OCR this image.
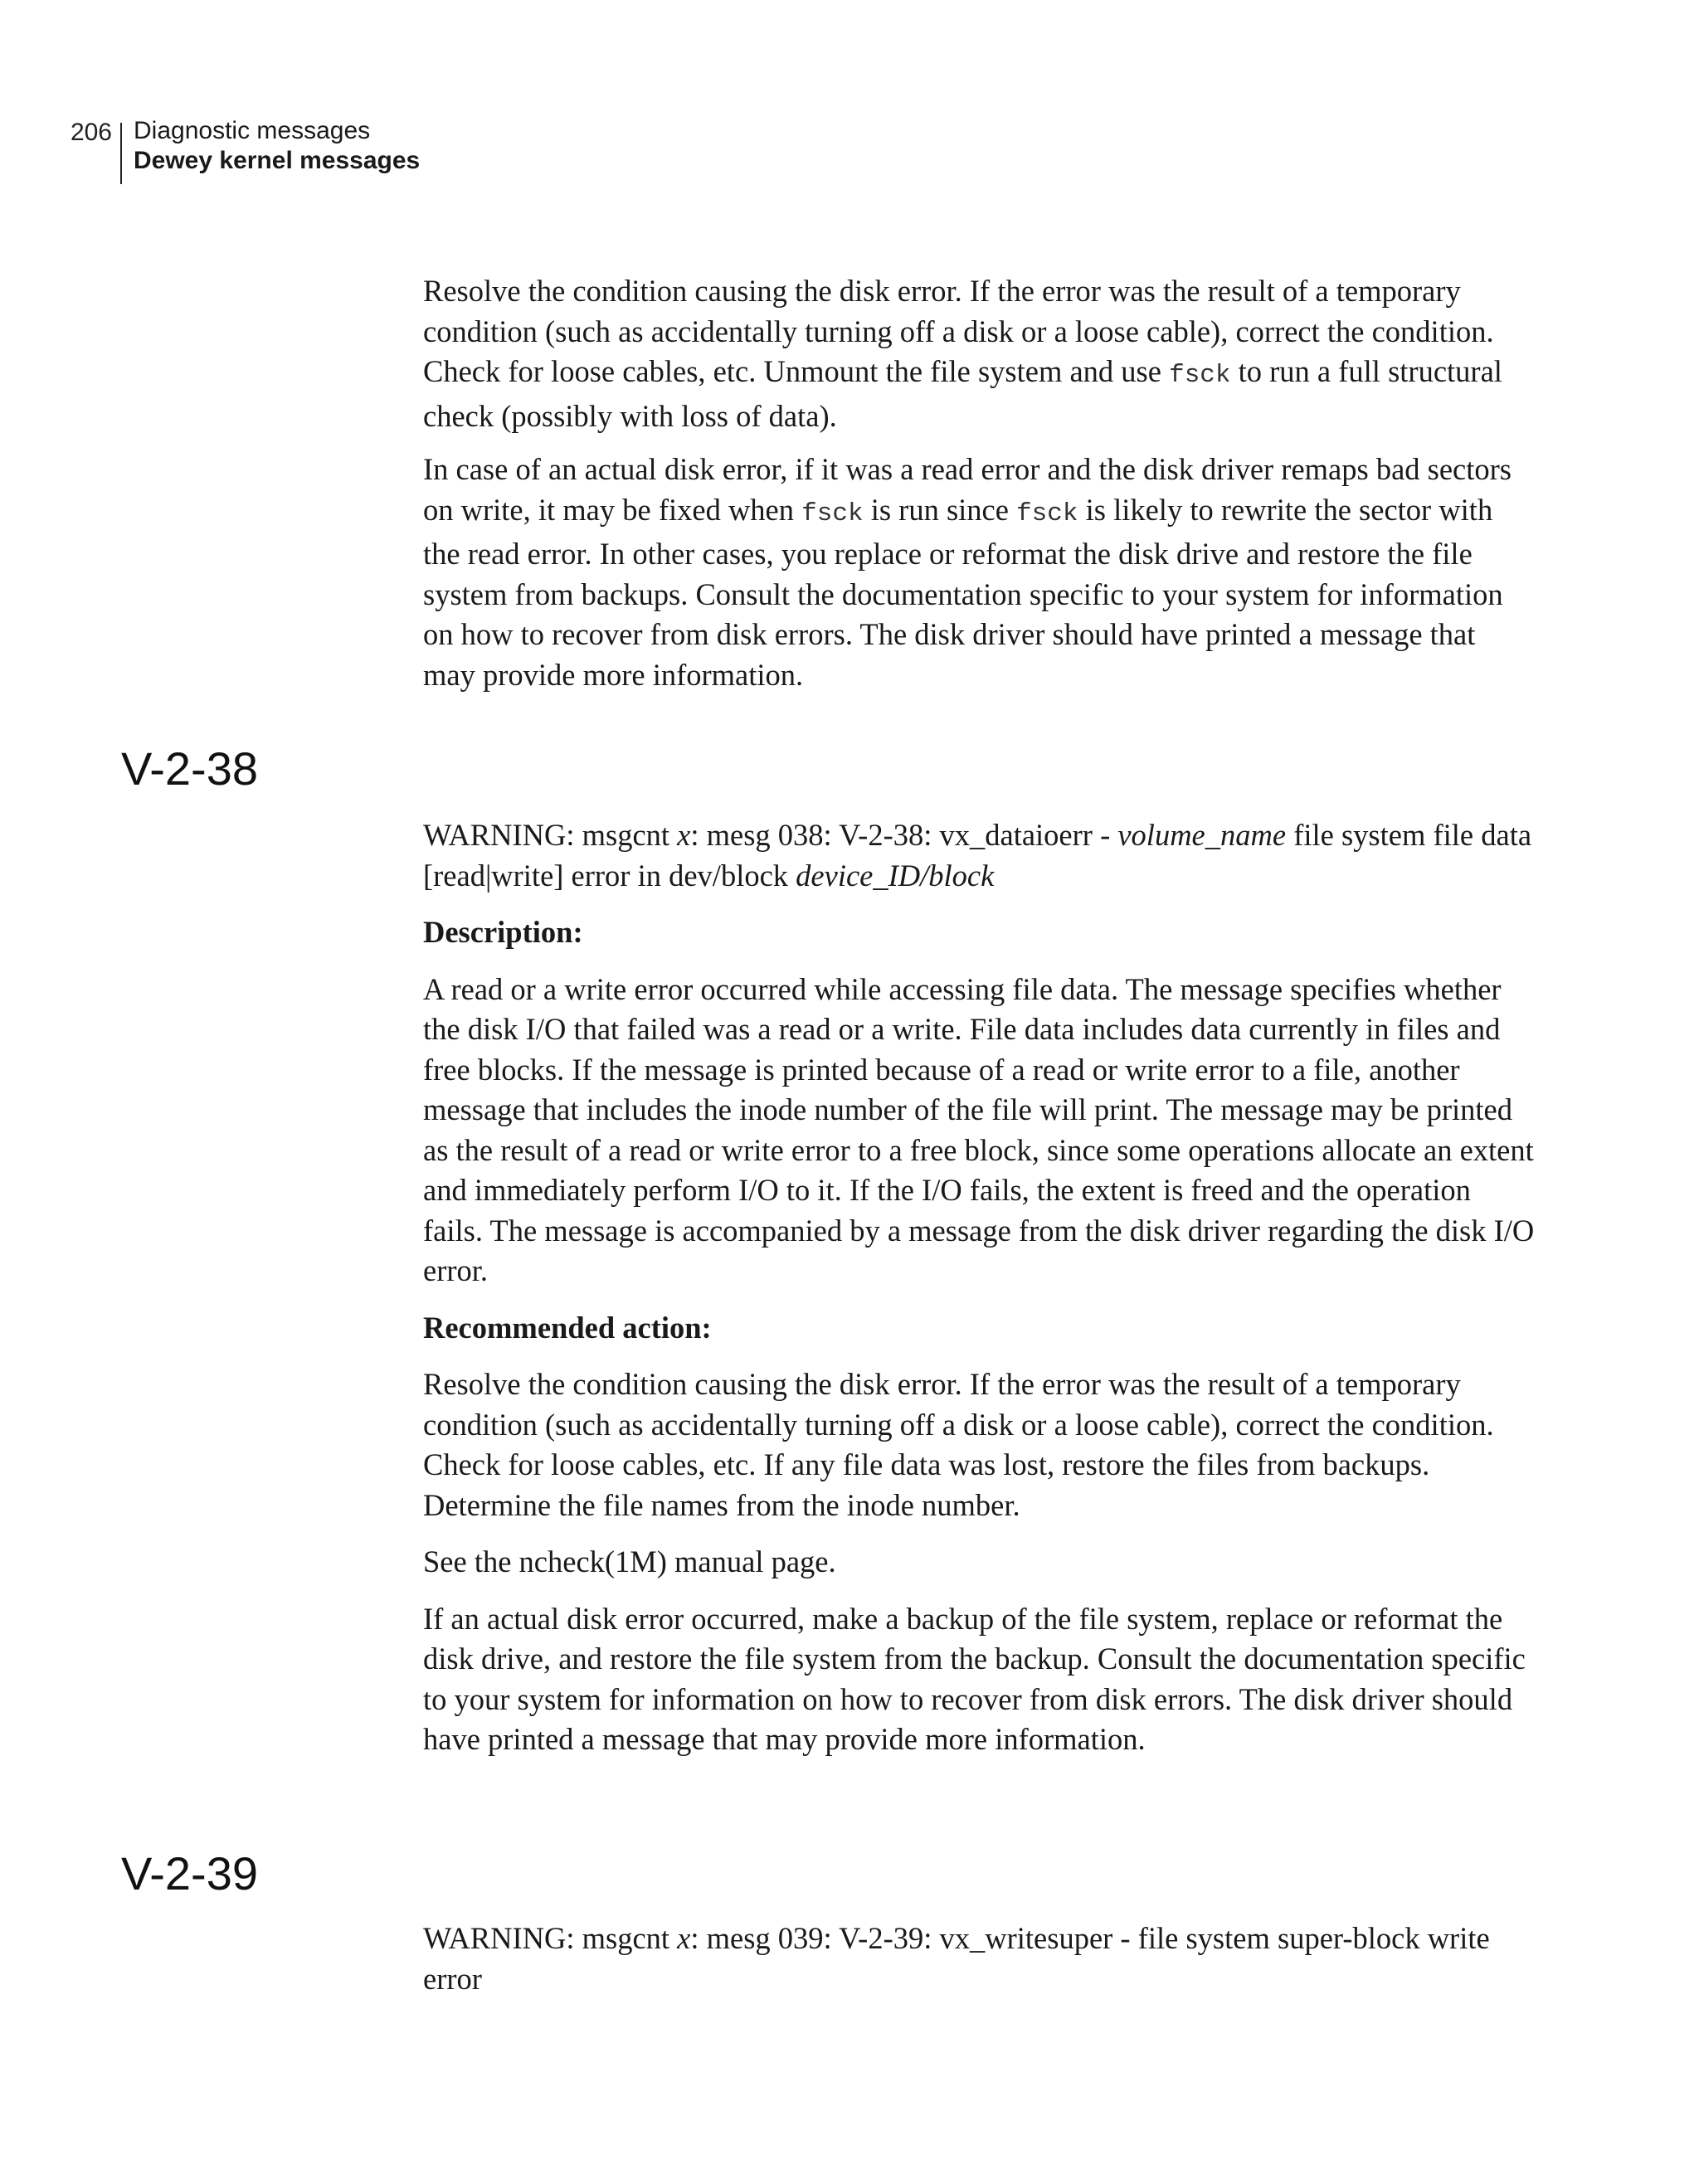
206 Diagnostic messages
Dewey kernel messages

Resolve the condition causing the disk error. If the error was the result of a temporary condition (such as accidentally turning off a disk or a loose cable), correct the condition. Check for loose cables, etc. Unmount the file system and use fsck to run a full structural check (possibly with loss of data).

In case of an actual disk error, if it was a read error and the disk driver remaps bad sectors on write, it may be fixed when fsck is run since fsck is likely to rewrite the sector with the read error. In other cases, you replace or reformat the disk drive and restore the file system from backups. Consult the documentation specific to your system for information on how to recover from disk errors. The disk driver should have printed a message that may provide more information.

V-2-38

WARNING: msgcnt x: mesg 038: V-2-38: vx_dataioerr - volume_name file system file data [read|write] error in dev/block device_ID/block

Description:

A read or a write error occurred while accessing file data. The message specifies whether the disk I/O that failed was a read or a write. File data includes data currently in files and free blocks. If the message is printed because of a read or write error to a file, another message that includes the inode number of the file will print. The message may be printed as the result of a read or write error to a free block, since some operations allocate an extent and immediately perform I/O to it. If the I/O fails, the extent is freed and the operation fails. The message is accompanied by a message from the disk driver regarding the disk I/O error.

Recommended action:

Resolve the condition causing the disk error. If the error was the result of a temporary condition (such as accidentally turning off a disk or a loose cable), correct the condition. Check for loose cables, etc. If any file data was lost, restore the files from backups. Determine the file names from the inode number.

See the ncheck(1M) manual page.

If an actual disk error occurred, make a backup of the file system, replace or reformat the disk drive, and restore the file system from the backup. Consult the documentation specific to your system for information on how to recover from disk errors. The disk driver should have printed a message that may provide more information.

V-2-39

WARNING: msgcnt x: mesg 039: V-2-39: vx_writesuper - file system super-block write error
